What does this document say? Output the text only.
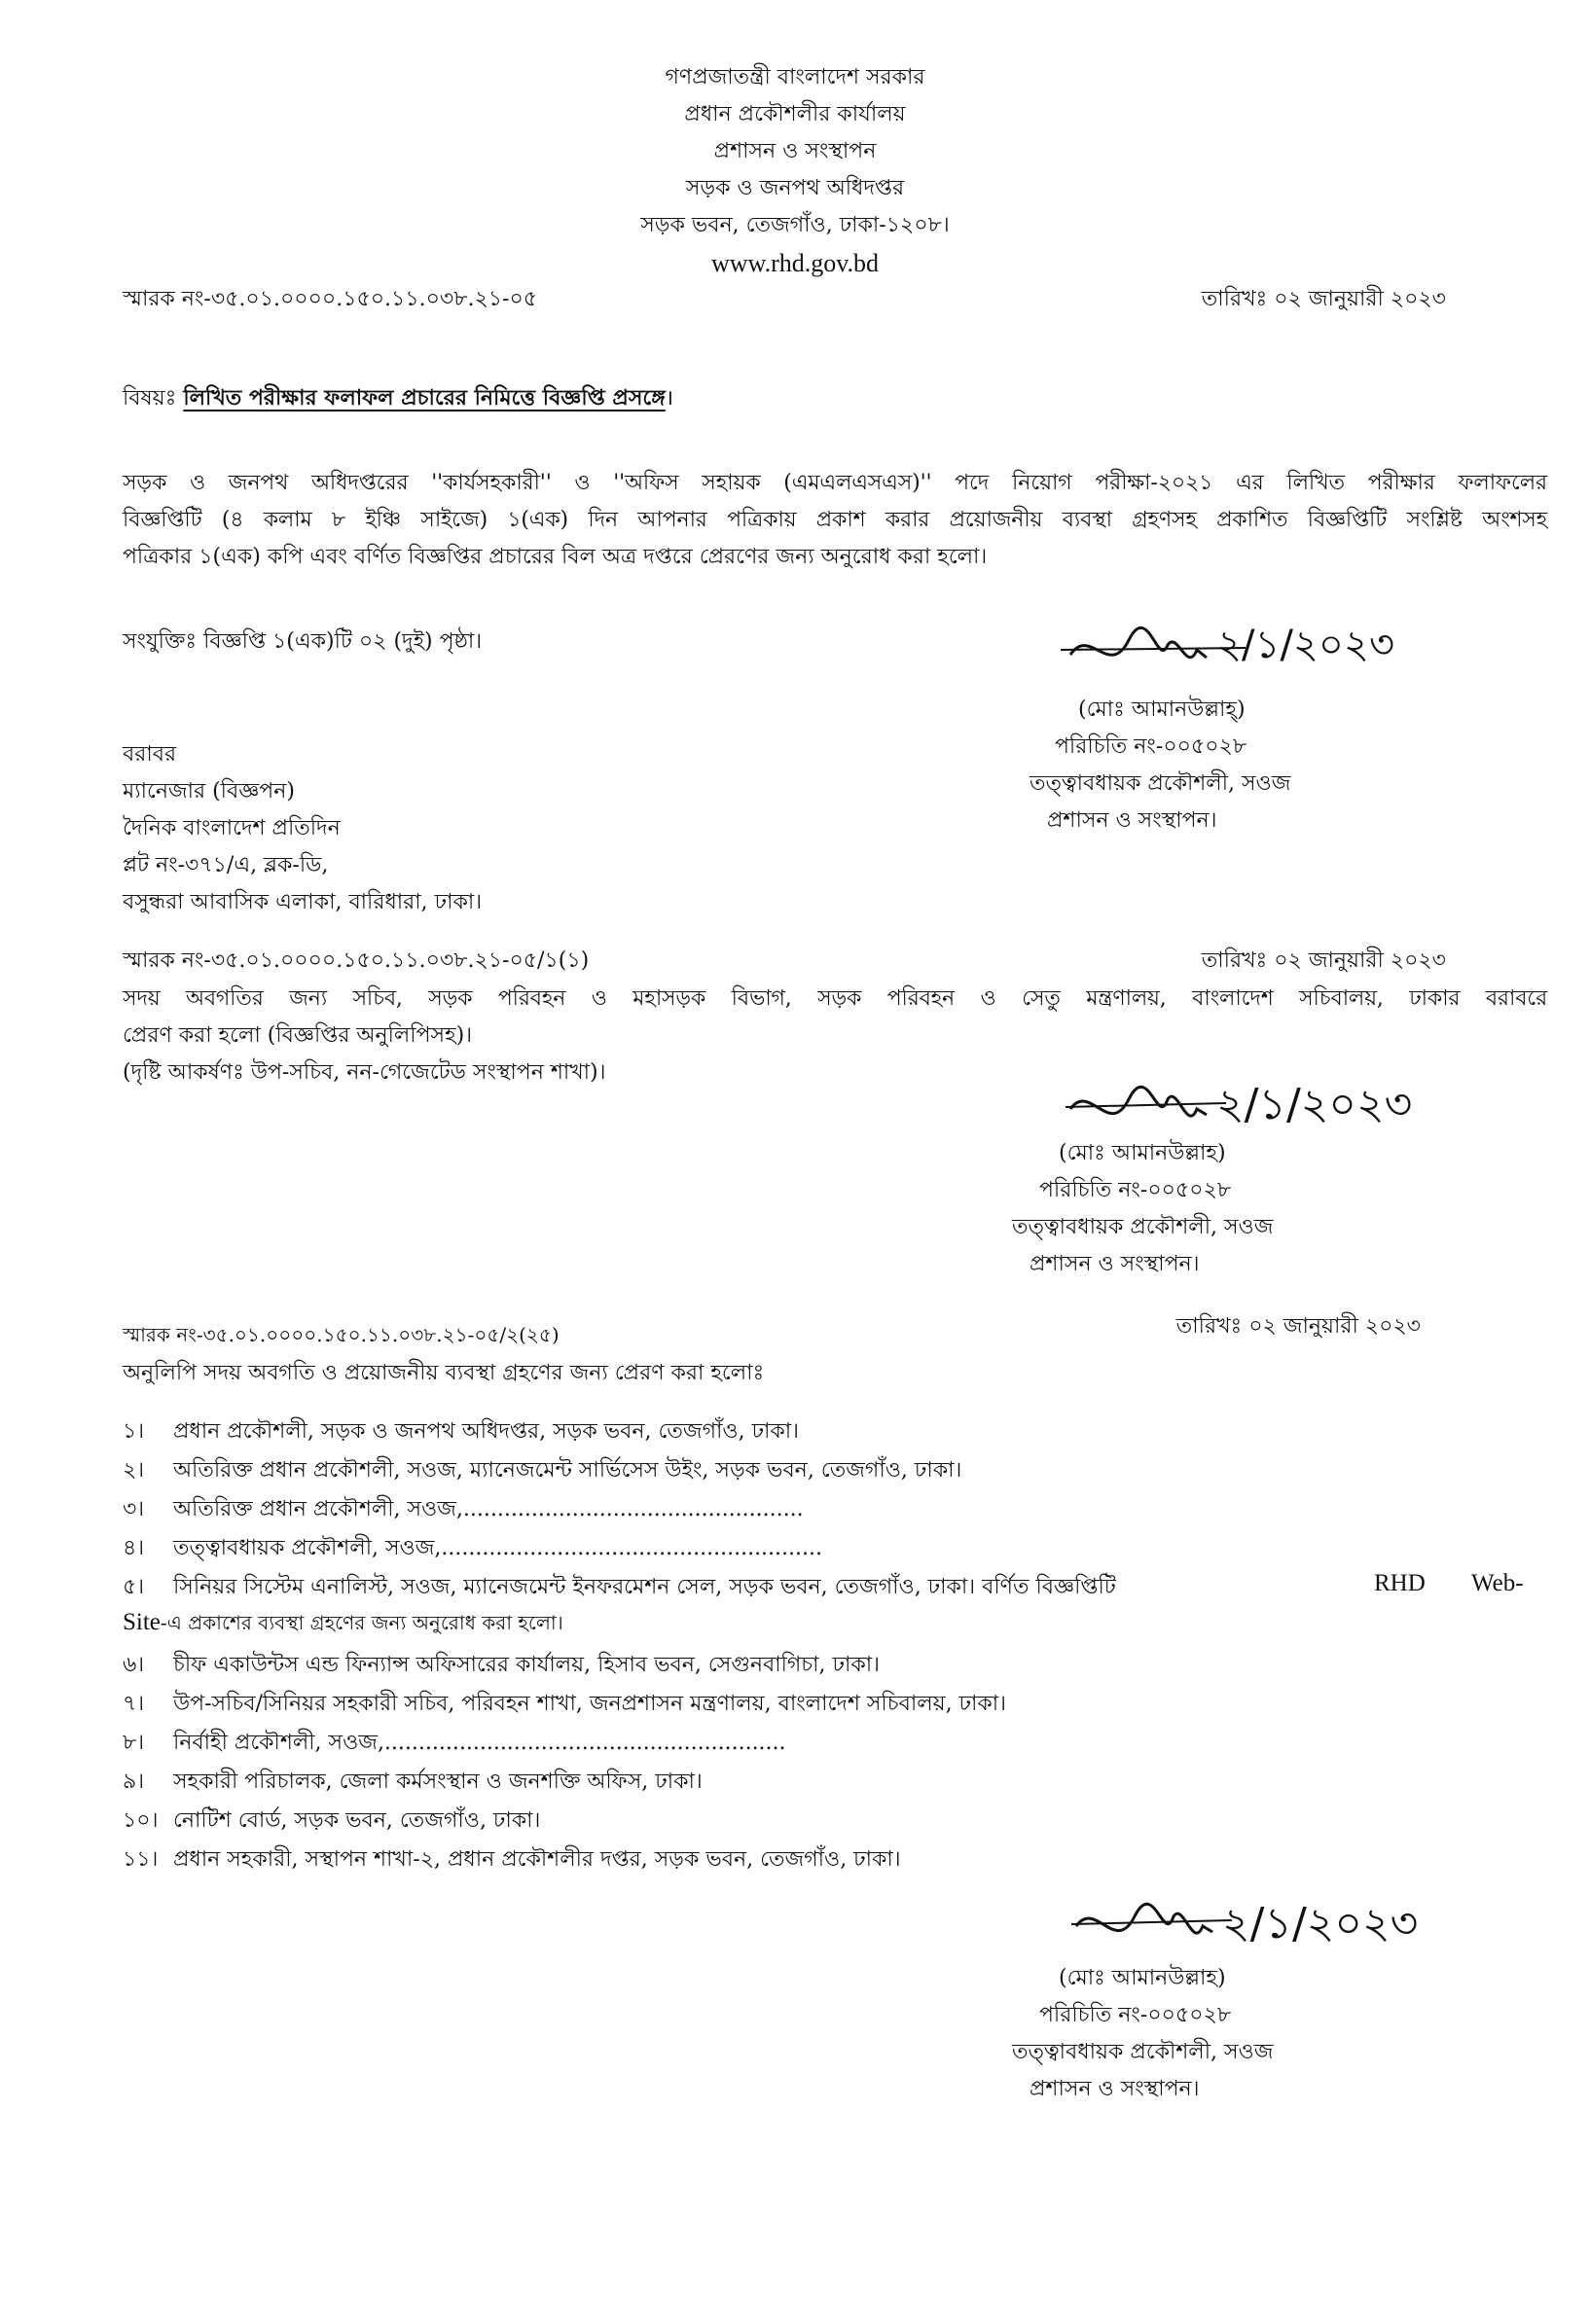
গণপ্রজাতন্ত্রী বাংলাদেশ সরকার
প্রধান প্রকৌশলীর কার্যালয়
প্রশাসন ও সংস্থাপন
সড়ক ও জনপথ অধিদপ্তর
সড়ক ভবন, তেজগাঁও, ঢাকা-১২০৮।
www.rhd.gov.bd
স্মারক নং-৩৫.০১.০০০০.১৫০.১১.০৩৮.২১-০৫	তারিখঃ ০২ জানুয়ারী ২০২৩
বিষয়ঃ লিখিত পরীক্ষার ফলাফল প্রচারের নিমিত্তে বিজ্ঞপ্তি প্রসঙ্গে।
সড়ক ও জনপথ অধিদপ্তরের ''কার্যসহকারী'' ও ''অফিস সহায়ক (এমএলএসএস)'' পদে নিয়োগ পরীক্ষা-২০২১ এর লিখিত পরীক্ষার ফলাফলের
বিজ্ঞপ্তিটি (৪ কলাম ৮ ইঞ্চি সাইজে) ১(এক) দিন আপনার পত্রিকায় প্রকাশ করার প্রয়োজনীয় ব্যবস্থা গ্রহণসহ প্রকাশিত বিজ্ঞপ্তিটি সংশ্লিষ্ট অংশসহ
পত্রিকার ১(এক) কপি এবং বর্ণিত বিজ্ঞপ্তির প্রচারের বিল অত্র দপ্তরে প্রেরণের জন্য অনুরোধ করা হলো।
সংযুক্তিঃ বিজ্ঞপ্তি ১(এক)টি ০২ (দুই) পৃষ্ঠা।	২/১/২০২৩
(মোঃ আমানউল্লাহ্‌)
পরিচিতি নং-০০৫০২৮
তত্ত্বাবধায়ক প্রকৌশলী, সওজ
প্রশাসন ও সংস্থাপন।
বরাবর
ম্যানেজার (বিজ্ঞপন)
দৈনিক বাংলাদেশ প্রতিদিন
প্লট নং-৩৭১/এ, ব্লক-ডি,
বসুন্ধরা আবাসিক এলাকা, বারিধারা, ঢাকা।
স্মারক নং-৩৫.০১.০০০০.১৫০.১১.০৩৮.২১-০৫/১(১)	তারিখঃ ০২ জানুয়ারী ২০২৩
সদয় অবগতির জন্য সচিব, সড়ক পরিবহন ও মহাসড়ক বিভাগ, সড়ক পরিবহন ও সেতু মন্ত্রণালয়, বাংলাদেশ সচিবালয়, ঢাকার বরাবরে
প্রেরণ করা হলো (বিজ্ঞপ্তির অনুলিপিসহ)।
(দৃষ্টি আকর্ষণঃ উপ-সচিব, নন-গেজেটেড সংস্থাপন শাখা)।
২/১/২০২৩
(মোঃ আমানউল্লাহ)
পরিচিতি নং-০০৫০২৮
তত্ত্বাবধায়ক প্রকৌশলী, সওজ
প্রশাসন ও সংস্থাপন।
স্মারক নং-৩৫.০১.০০০০.১৫০.১১.০৩৮.২১-০৫/২(২৫)	তারিখঃ ০২ জানুয়ারী ২০২৩
অনুলিপি সদয় অবগতি ও প্রয়োজনীয় ব্যবস্থা গ্রহণের জন্য প্রেরণ করা হলোঃ
১।	প্রধান প্রকৌশলী, সড়ক ও জনপথ অধিদপ্তর, সড়ক ভবন, তেজগাঁও, ঢাকা।
২।	অতিরিক্ত প্রধান প্রকৌশলী, সওজ, ম্যানেজমেন্ট সার্ভিসেস উইং, সড়ক ভবন, তেজগাঁও, ঢাকা।
৩।	অতিরিক্ত প্রধান প্রকৌশলী, সওজ,..................................................
৪।	তত্ত্বাবধায়ক প্রকৌশলী, সওজ,........................................................
৫।	সিনিয়র সিস্টেম এনালিস্ট, সওজ, ম্যানেজমেন্ট ইনফরমেশন সেল, সড়ক ভবন, তেজগাঁও, ঢাকা। বর্ণিত বিজ্ঞপ্তিটি	RHD Web-
Site-এ প্রকাশের ব্যবস্থা গ্রহণের জন্য অনুরোধ করা হলো।
৬।	চীফ একাউন্টস এন্ড ফিন্যান্স অফিসারের কার্যালয়, হিসাব ভবন, সেগুনবাগিচা, ঢাকা।
৭।	উপ-সচিব/সিনিয়র সহকারী সচিব, পরিবহন শাখা, জনপ্রশাসন মন্ত্রণালয়, বাংলাদেশ সচিবালয়, ঢাকা।
৮।	নির্বাহী প্রকৌশলী, সওজ,...........................................................
৯।	সহকারী পরিচালক, জেলা কর্মসংস্থান ও জনশক্তি অফিস, ঢাকা।
১০। নোটিশ বোর্ড, সড়ক ভবন, তেজগাঁও, ঢাকা।
১১। প্রধান সহকারী, সস্থাপন শাখা-২, প্রধান প্রকৌশলীর দপ্তর, সড়ক ভবন, তেজগাঁও, ঢাকা।
২/১/২০২৩
(মোঃ আমানউল্লাহ)
পরিচিতি নং-০০৫০২৮
তত্ত্বাবধায়ক প্রকৌশলী, সওজ
প্রশাসন ও সংস্থাপন।
